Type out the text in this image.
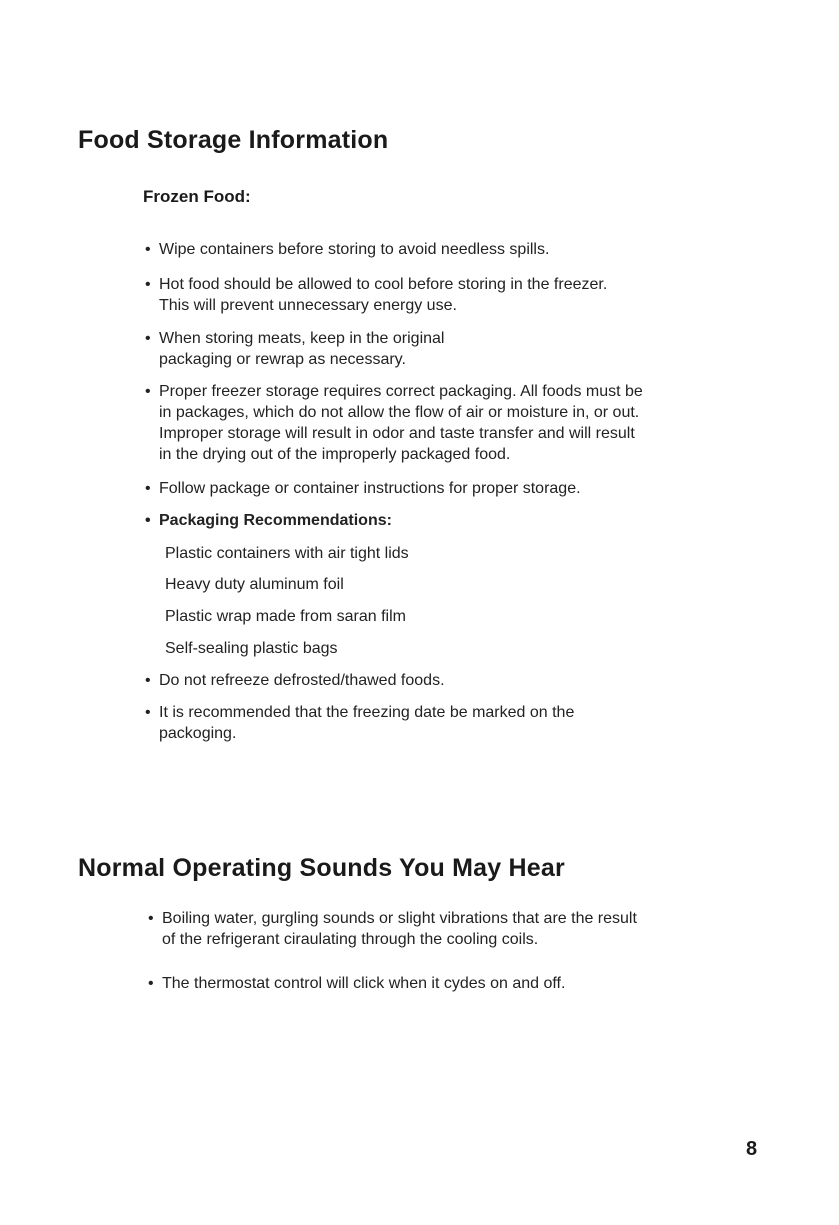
Food Storage Information
Frozen Food:

• Wipe containers before storing to avoid needless spills.

• Hot food should be allowed to cool before storing in the freezer.
This will prevent unnecessary energy use.

• When storing meats, keep in the original
packaging or rewrap as necessary.

• Proper freezer storage requires correct packaging. All foods must be
in packages, which do not allow the flow of air or moisture in, or out.
Improper storage will result in odor and taste transfer and will result
in the drying out of the improperly packaged food.

• Follow package or container instructions for proper storage.

• Packaging Recommendations:

Plastic containers with air tight lids

Heavy duty aluminum foil

Plastic wrap made from saran film

Self-sealing plastic bags

• Do not refreeze defrosted/thawed foods.

• It is recommended that the freezing date be marked on the
packoging.

Normal Operating Sounds You May Hear

• Boiling water, gurgling sounds or slight vibrations that are the result
of the refrigerant ciraulating through the cooling coils.

• The thermostat control will click when it cydes on and off.

8
